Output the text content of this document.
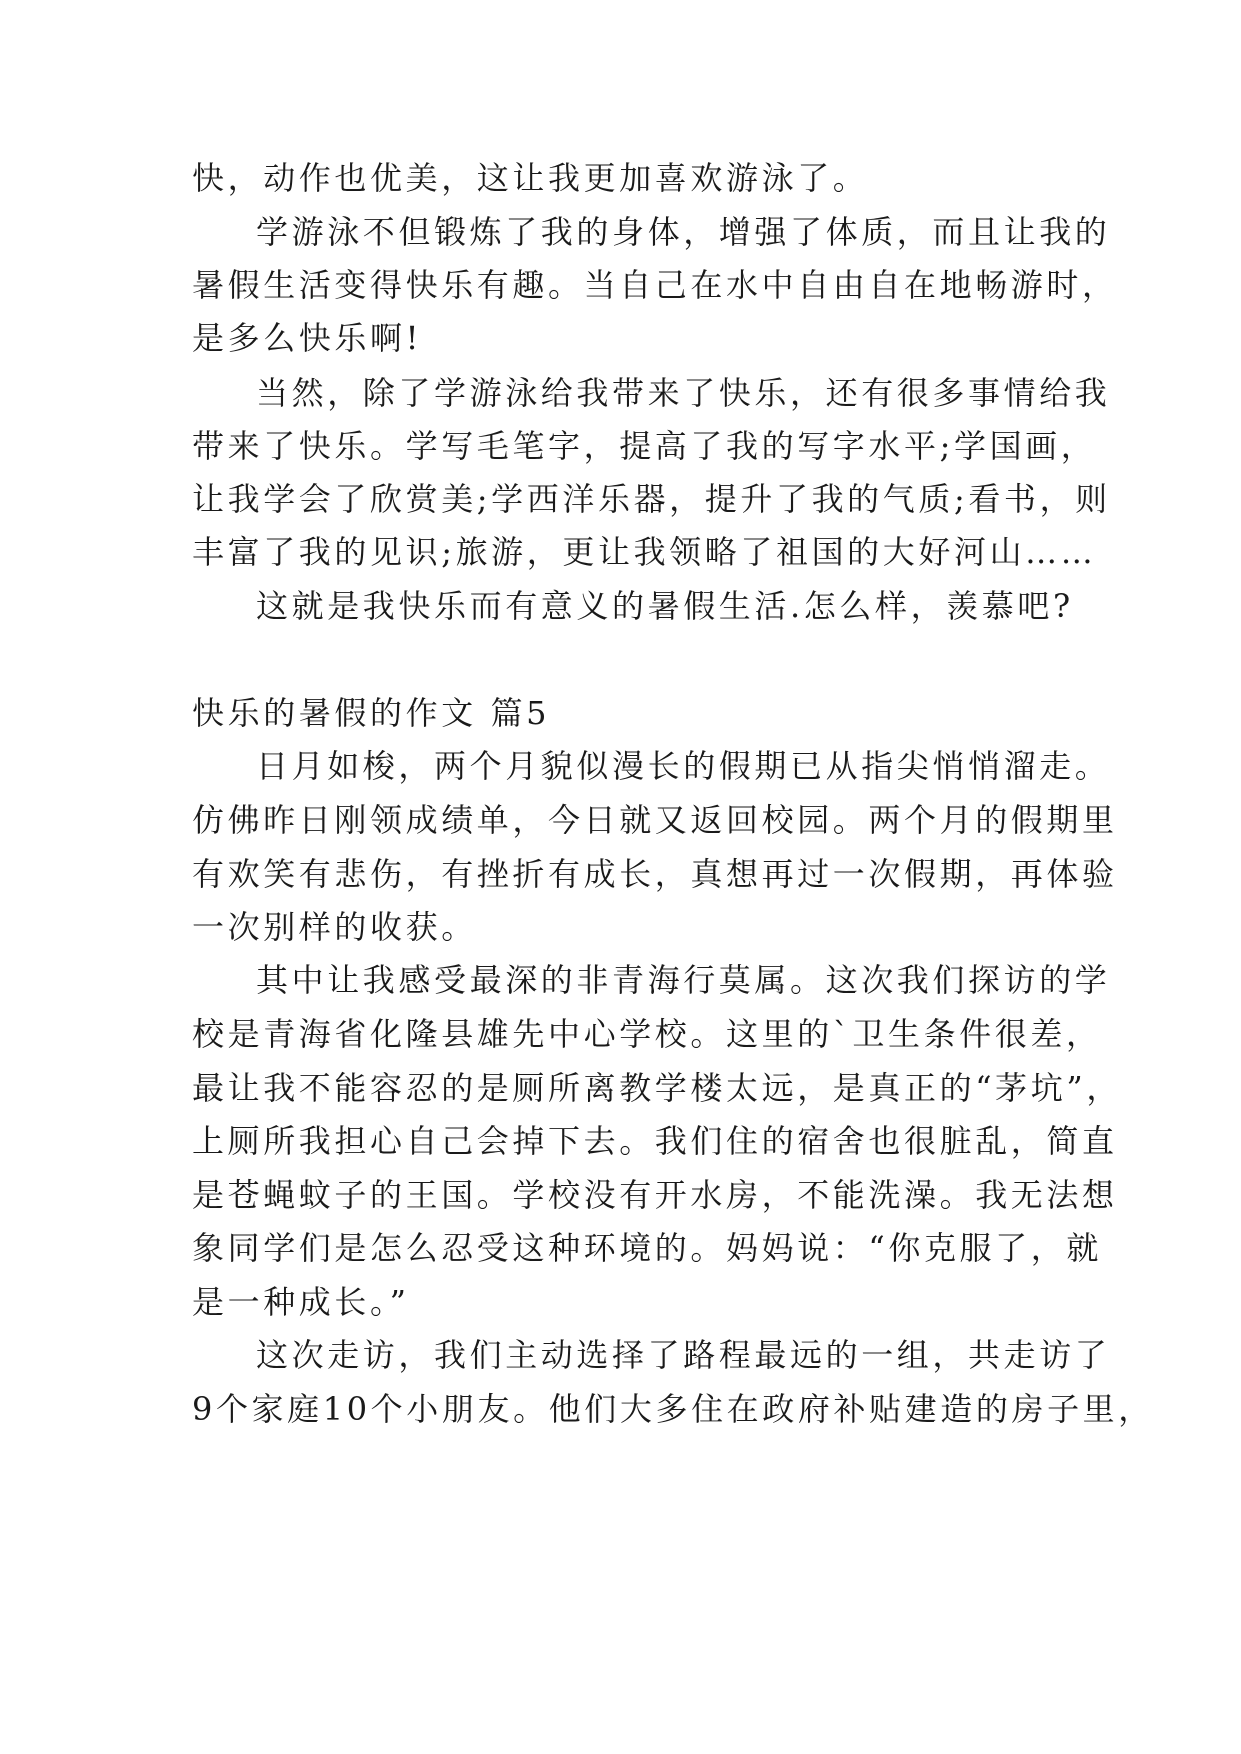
快，动作也优美，这让我更加喜欢游泳了。
学游泳不但锻炼了我的身体，增强了体质，而且让我的
暑假生活变得快乐有趣。当自己在水中自由自在地畅游时，
是多么快乐啊!
当然，除了学游泳给我带来了快乐，还有很多事情给我
带来了快乐。学写毛笔字，提高了我的写字水平;学国画，
让我学会了欣赏美;学西洋乐器，提升了我的气质;看书，则
丰富了我的见识;旅游，更让我领略了祖国的大好河山……
这就是我快乐而有意义的暑假生活.怎么样，羡慕吧?
快乐的暑假的作文 篇5
日月如梭，两个月貌似漫长的假期已从指尖悄悄溜走。
仿佛昨日刚领成绩单，今日就又返回校园。两个月的假期里
有欢笑有悲伤，有挫折有成长，真想再过一次假期，再体验
一次别样的收获。
其中让我感受最深的非青海行莫属。这次我们探访的学
校是青海省化隆县雄先中心学校。这里的`卫生条件很差，
最让我不能容忍的是厕所离教学楼太远，是真正的“茅坑”，
上厕所我担心自己会掉下去。我们住的宿舍也很脏乱，简直
是苍蝇蚊子的王国。学校没有开水房，不能洗澡。我无法想
象同学们是怎么忍受这种环境的。妈妈说：“你克服了，就
是一种成长。”
这次走访，我们主动选择了路程最远的一组，共走访了
9个家庭10个小朋友。他们大多住在政府补贴建造的房子里，
